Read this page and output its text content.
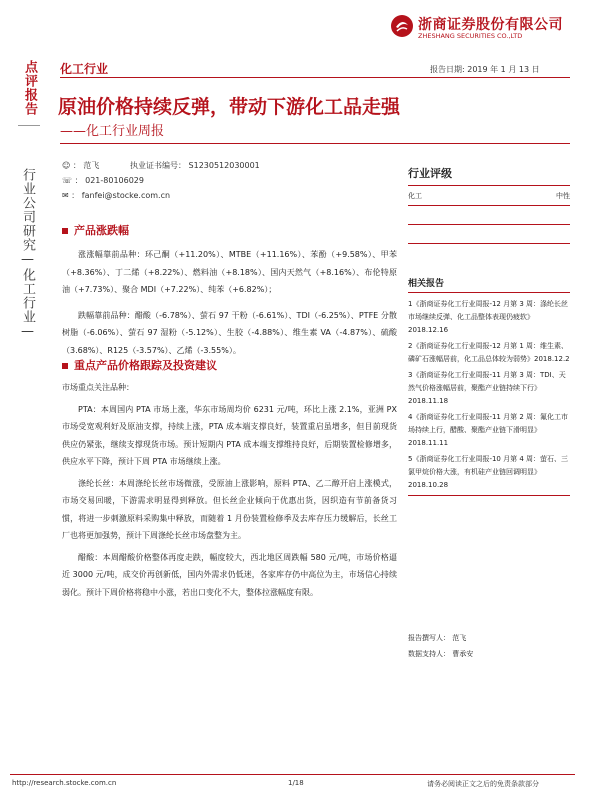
浙商证券股份有限公司
ZHESHANG SECURITIES CO.,LTD
化工行业	报告日期: 2019 年 1 月 13 日
点评报告
行业公司研究—化工行业—
原油价格持续反弹，带动下游化工品走强
——化工行业周报
☺ ： 范飞	执业证书编号： S1230512030001
☏ ： 021-80106029
✉ ： fanfei@stocke.com.cn
产品涨跌幅
涨涨幅靠前品种：环己酮（+11.20%）、MTBE（+11.16%）、苯酚（+9.58%）、甲苯（+8.36%）、丁二烯（+8.22%）、燃料油（+8.18%）、国内天然气（+8.16%）、布伦特原油（+7.73%）、聚合 MDI（+7.22%）、纯苯（+6.82%）；
跌幅靠前品种：醋酸（-6.78%）、萤石 97 干粉（-6.61%）、TDI（-6.25%）、PTFE 分散树脂（-6.06%）、萤石 97 湿粉（-5.12%）、生胶（-4.88%）、维生素 VA（-4.87%）、硫酸（3.68%）、R125（-3.57%）、乙烯（-3.55%）。
重点产品价格跟踪及投资建议
市场重点关注品种：
PTA：本周国内 PTA 市场上涨，华东市场周均价 6231 元/吨，环比上涨 2.1%，亚洲 PX 市场受宽观利好及原油支撑，持续上涨，PTA 成本端支撑良好，装置重启虽增多，但目前现货供应仍紧张，继续支撑现货市场。预计短期内 PTA 成本端支撑维持良好，后期装置检修增多，供应水平下降，预计下周 PTA 市场继续上涨。
涤纶长丝：本周涤纶长丝市场微涨，受原油上涨影响，原料 PTA、乙二醇开启上涨模式，市场交易回暖，下游需求明显得到释放。但长丝企业倾向于优惠出货，因织造有节前备货习惯，将进一步刺激原料采购集中释放，而随着 1 月份装置检修季及去库存压力缓解后，长丝工厂也将更加强势，预计下周涤纶长丝市场盘整为主。
醋酸：本周醋酸价格整体再度走跌，幅度较大，西北地区周跌幅 580 元/吨，市场价格逼近 3000 元/吨，成交价再创新低，国内外需求仍低迷，各家库存仍中高位为主，市场信心持续弱化。预计下周价格将稳中小涨，若出口变化不大，整体拉涨幅度有限。
行业评级
化工	中性
相关报告
1《浙商证券化工行业周报-12 月第 3 周：涤纶长丝市场继续反弹、化工品整体表现仍疲软》2018.12.16
2《浙商证券化工行业周报-12 月第 1 周：维生素、磷矿石涨幅居前，化工品总体较为弱势》2018.12.2
3《浙商证券化工行业周报-11 月第 3 周：TDI、天然气价格涨幅居前，聚酯产业链持续下行》2018.11.18
4《浙商证券化工行业周报-11 月第 2 周：氟化工市场持续上行，醋酸、聚酯产业链下滑明显》2018.11.11
5《浙商证券化工行业周报-10 月第 4 周：萤石、三氯甲烷价格大涨，有机硅产业链回调明显》2018.10.28
报告撰写人： 范飞
数据支持人： 曹承安
http://research.stocke.com.cn	1/18	请务必阅读正文之后的免责条款部分
